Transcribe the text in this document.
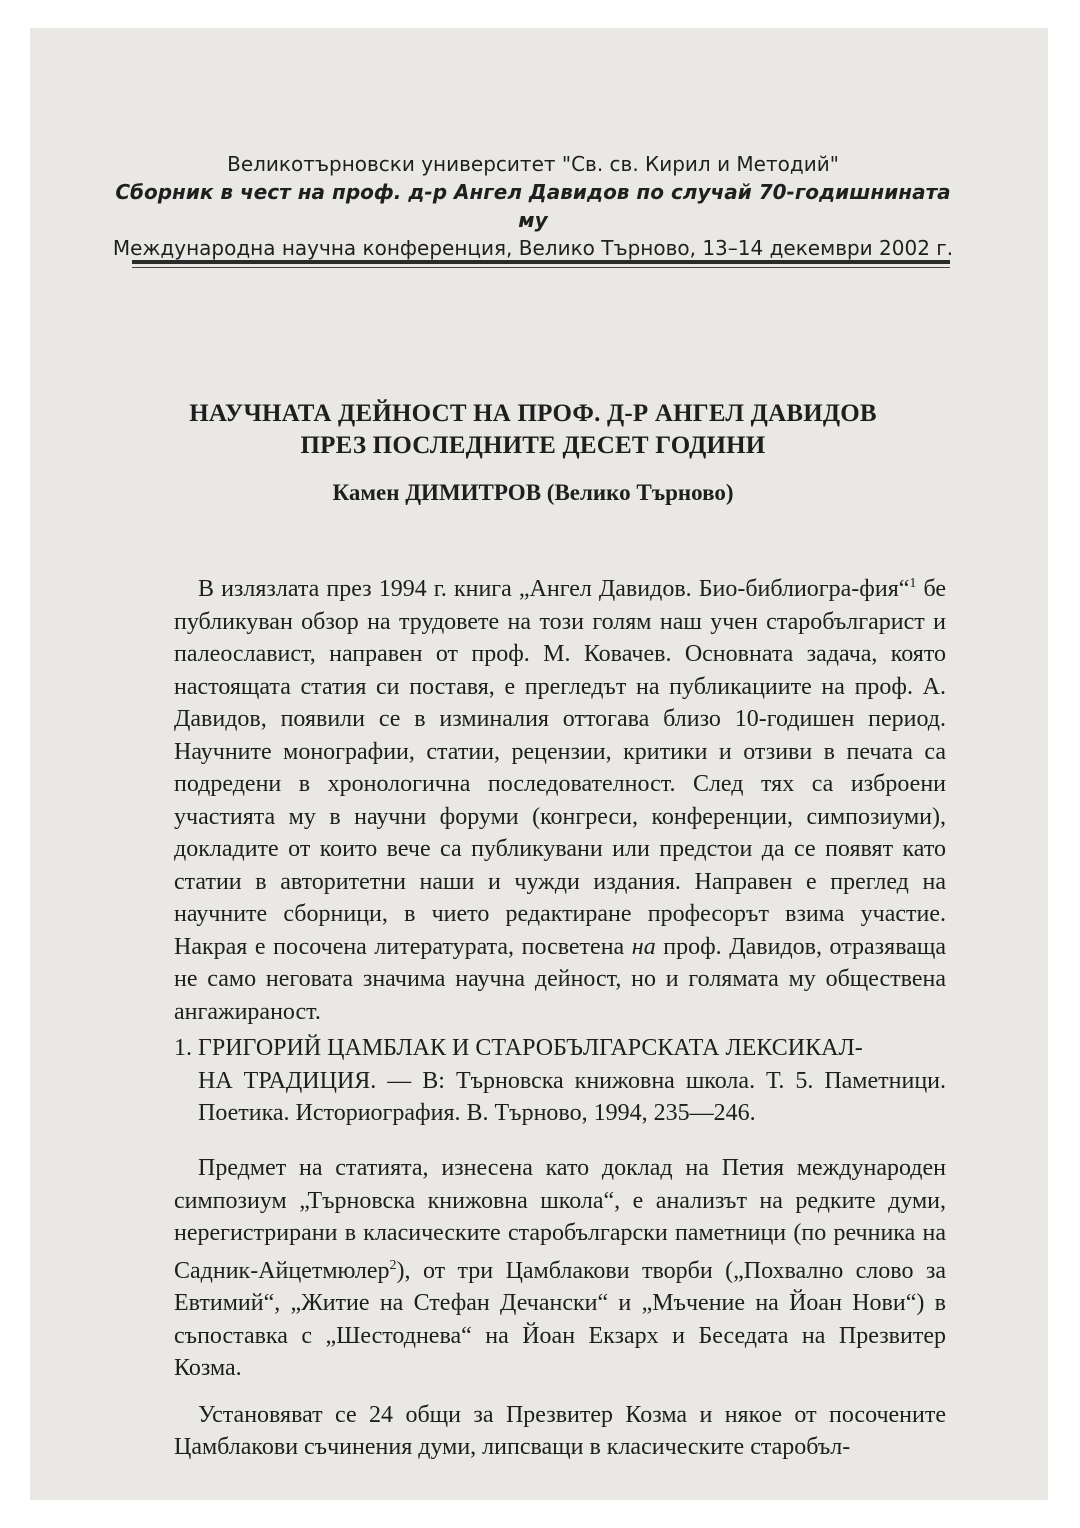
Великотърновски университет "Св. св. Кирил и Методий"
Сборник в чест на проф. д-р Ангел Давидов по случай 70-годишнината му
Международна научна конференция, Велико Търново, 13–14 декември 2002 г.
НАУЧНАТА ДЕЙНОСТ НА ПРОФ. Д-Р АНГЕЛ ДАВИДОВ
ПРЕЗ ПОСЛЕДНИТЕ ДЕСЕТ ГОДИНИ
Камен ДИМИТРОВ (Велико Търново)

В излязлата през 1994 г. книга „Ангел Давидов. Био-библиогра-фия“$^1$ бе публикуван обзор на трудовете на този голям наш учен старобългарист и палеославист, направен от проф. М. Ковачев. Основната задача, която настоящата статия си поставя, е прегледът на публикациите на проф. А. Давидов, появили се в изминалия оттогава близо 10-годишен период. Научните монографии, статии, рецензии, критики и отзиви в печата са подредени в хронологична последователност. След тях са изброени участията му в научни форуми (конгреси, конференции, симпозиуми), докладите от които вече са публикувани или предстои да се появят като статии в авторитетни наши и чужди издания. Направен е преглед на научните сборници, в чието редактиране професорът взима участие. Накрая е посочена литературата, посветена на проф. Давидов, отразяваща не само неговата значима научна дейност, но и голямата му обществена ангажираност.

1. ГРИГОРИЙ ЦАМБЛАК И СТАРОБЪЛГАРСКАТА ЛЕКСИКАЛ-
НА ТРАДИЦИЯ. — В: Търновска книжовна школа. Т. 5. Паметници. Поетика. Историография. В. Търново, 1994, 235—246.

Предмет на статията, изнесена като доклад на Петия международен симпозиум „Търновска книжовна школа“, е анализът на редките думи, нерегистрирани в класическите старобългарски паметници (по речника на Садник-Айцетмюлер$^2$), от три Цамблакови творби („Похвално слово за Евтимий“, „Житие на Стефан Дечански“ и „Мъчение на Йоан Нови“) в съпоставка с „Шестоднева“ на Йоан Екзарх и Беседата на Презвитер Козма.

Установяват се 24 общи за Презвитер Козма и някое от посочените Цамблакови съчинения думи, липсващи в класическите старобъл-
